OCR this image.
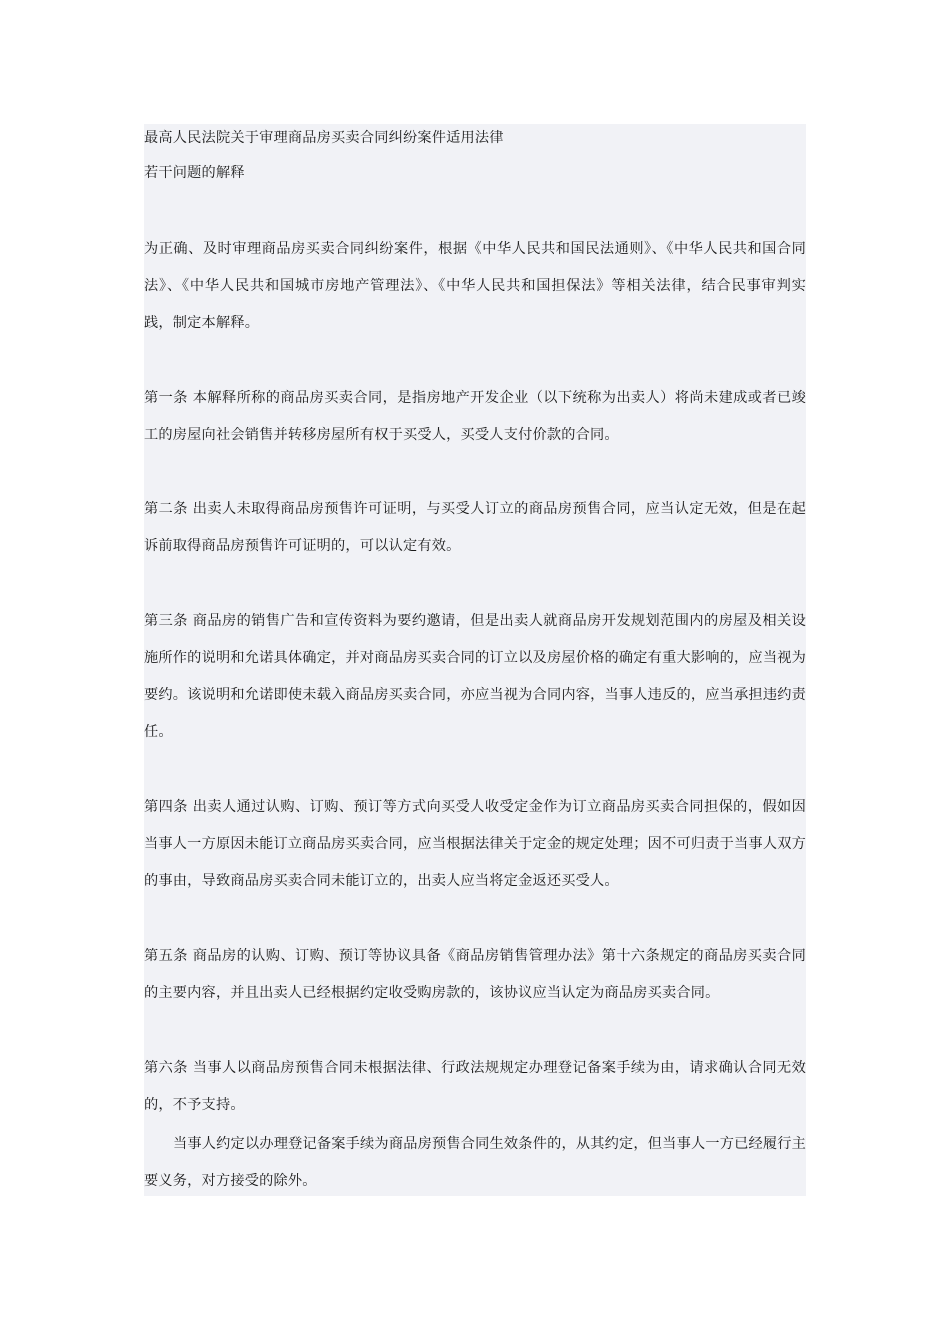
最高人民法院关于审理商品房买卖合同纠纷案件适用法律
若干问题的解释
为正确、及时审理商品房买卖合同纠纷案件，根据《中华人民共和国民法通则》、《中华人民共和国合同
法》、《中华人民共和国城市房地产管理法》、《中华人民共和国担保法》等相关法律，结合民事审判实
践，制定本解释。
第一条 本解释所称的商品房买卖合同，是指房地产开发企业（以下统称为出卖人）将尚未建成或者已竣
工的房屋向社会销售并转移房屋所有权于买受人，买受人支付价款的合同。
第二条 出卖人未取得商品房预售许可证明，与买受人订立的商品房预售合同，应当认定无效，但是在起
诉前取得商品房预售许可证明的，可以认定有效。
第三条 商品房的销售广告和宣传资料为要约邀请，但是出卖人就商品房开发规划范围内的房屋及相关设
施所作的说明和允诺具体确定，并对商品房买卖合同的订立以及房屋价格的确定有重大影响的，应当视为
要约。该说明和允诺即使未载入商品房买卖合同，亦应当视为合同内容，当事人违反的，应当承担违约责
任。
第四条 出卖人通过认购、订购、预订等方式向买受人收受定金作为订立商品房买卖合同担保的，假如因
当事人一方原因未能订立商品房买卖合同，应当根据法律关于定金的规定处理；因不可归责于当事人双方
的事由，导致商品房买卖合同未能订立的，出卖人应当将定金返还买受人。
第五条 商品房的认购、订购、预订等协议具备《商品房销售管理办法》第十六条规定的商品房买卖合同
的主要内容，并且出卖人已经根据约定收受购房款的，该协议应当认定为商品房买卖合同。
第六条 当事人以商品房预售合同未根据法律、行政法规规定办理登记备案手续为由，请求确认合同无效
的，不予支持。
当事人约定以办理登记备案手续为商品房预售合同生效条件的，从其约定，但当事人一方已经履行主
要义务，对方接受的除外。
